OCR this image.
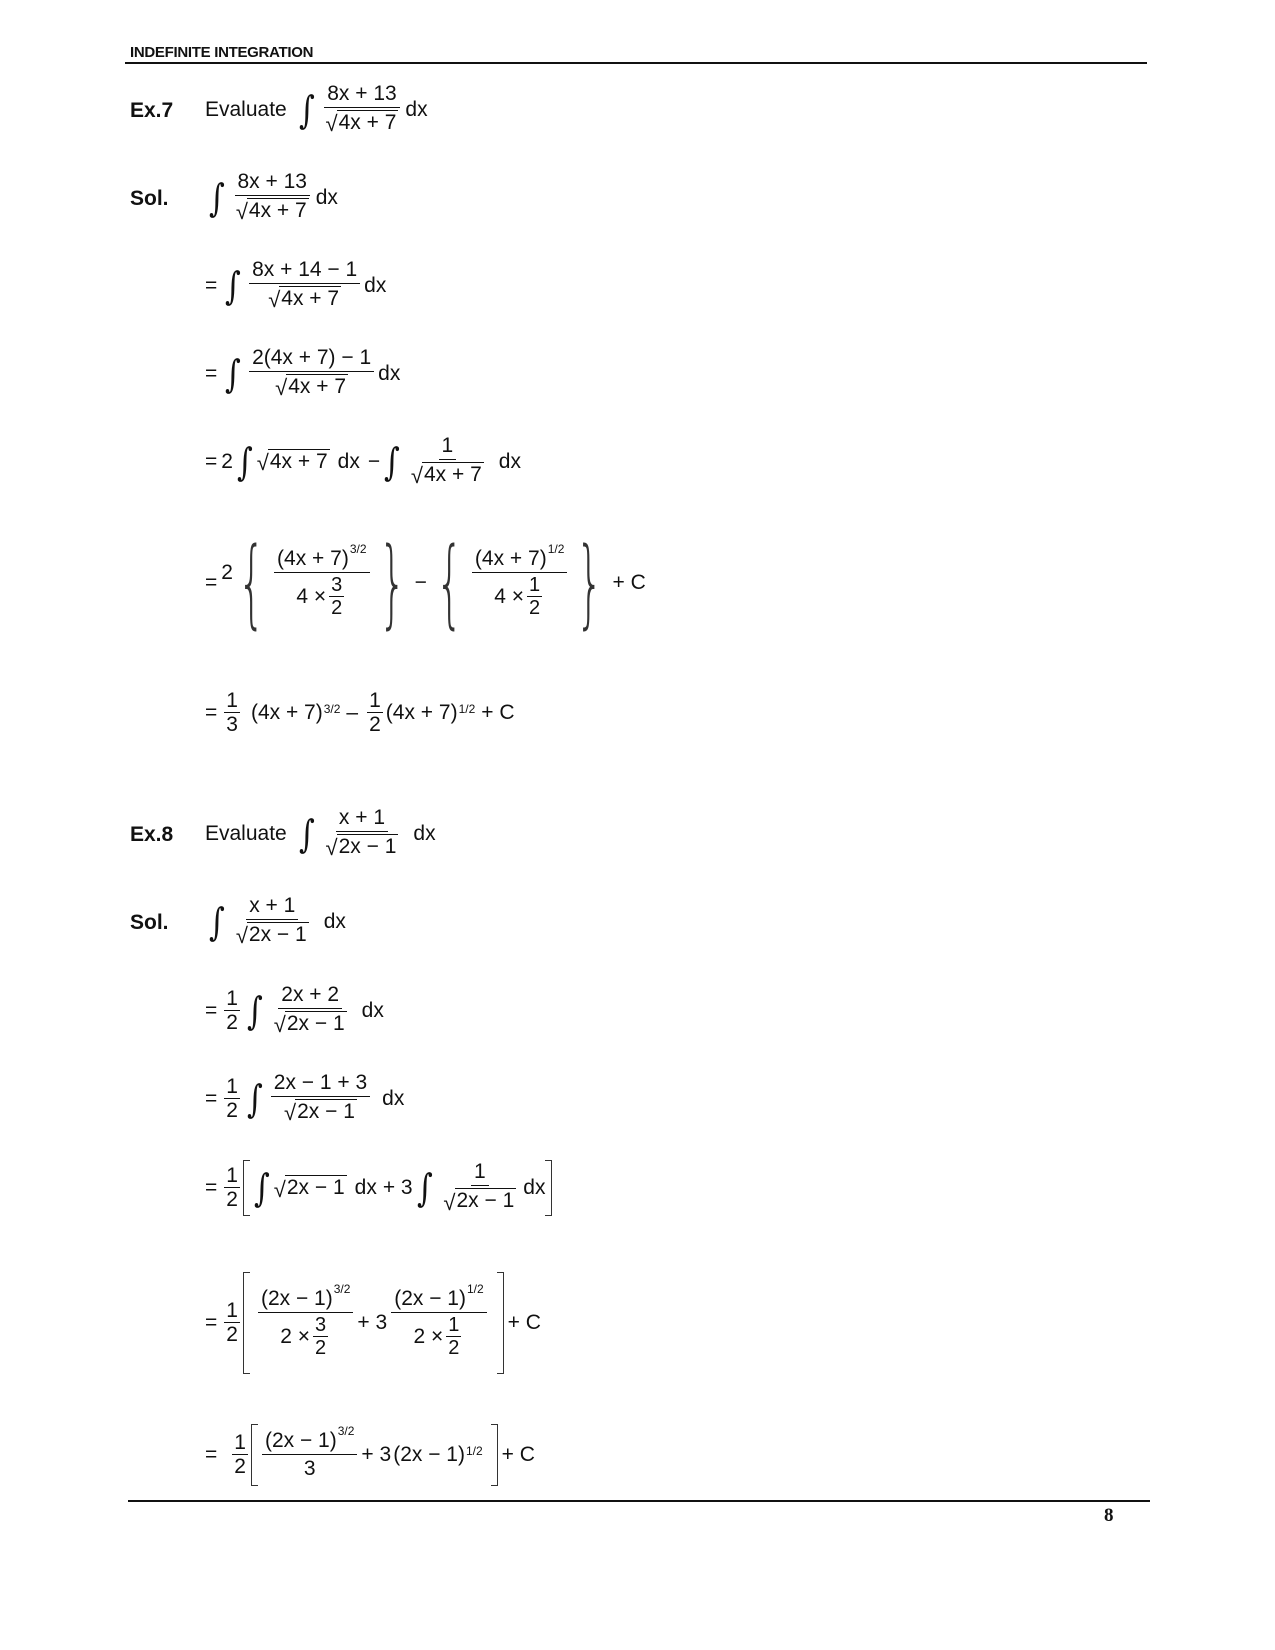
INDEFINITE INTEGRATION
Ex.7 Evaluate ∫ $\frac{8x + 13}{√ 4x + 7}$ dx
Sol. ∫ $\frac{8x + 13}{√ 4x + 7}$ dx
= ∫ $\frac{8x + 14 - 1}{√ 4x + 7}$ dx
= ∫ $\frac{2(4x + 7) - 1}{√ 4x + 7}$ dx
= 2 ∫ √ 4x + 7 dx − ∫ $\frac{1}{√ 4x + 7}$ dx
= 2 { $\frac{(4x + 7)^{3/2}}{4 \times \frac{3}{2}}$ } − { $\frac{(4x + 7)^{1/2}}{4 \times \frac{1}{2}}$ } + C
= $\frac{1}{3} (4x + 7)$ $3/2 - \frac{1}{2} (4x + 7) 1/2 + C$
Ex.8 Evaluate ∫ $\frac{x + 1}{√ 2x - 1}$ dx
Sol. ∫ $\frac{x + 1}{√ 2x - 1}$ dx
= $\frac{1}{2}$ ∫ $\frac{2x + 2}{√ 2x - 1}$ dx
= $\frac{1}{2}$ ∫ $\frac{2x - 1 + 3}{√ 2x - 1}$ dx
= $\frac{1}{2}$ ∫ √ 2x − 1 dx + 3 ∫ $\frac{1}{√ 2x - 1}$ dx
= $\frac{1}{2} \frac{(2x - 1)^{3/2}}{2 \times \frac{3}{2}} + 3 \frac{(2x - 1)^{1/2}}{2 \times \frac{1}{2}} + C$
= $\frac{1}{2} \frac{(2x - 1)^{3/2}}{3} + 3$ (2x − 1) 1/2 + C
8
